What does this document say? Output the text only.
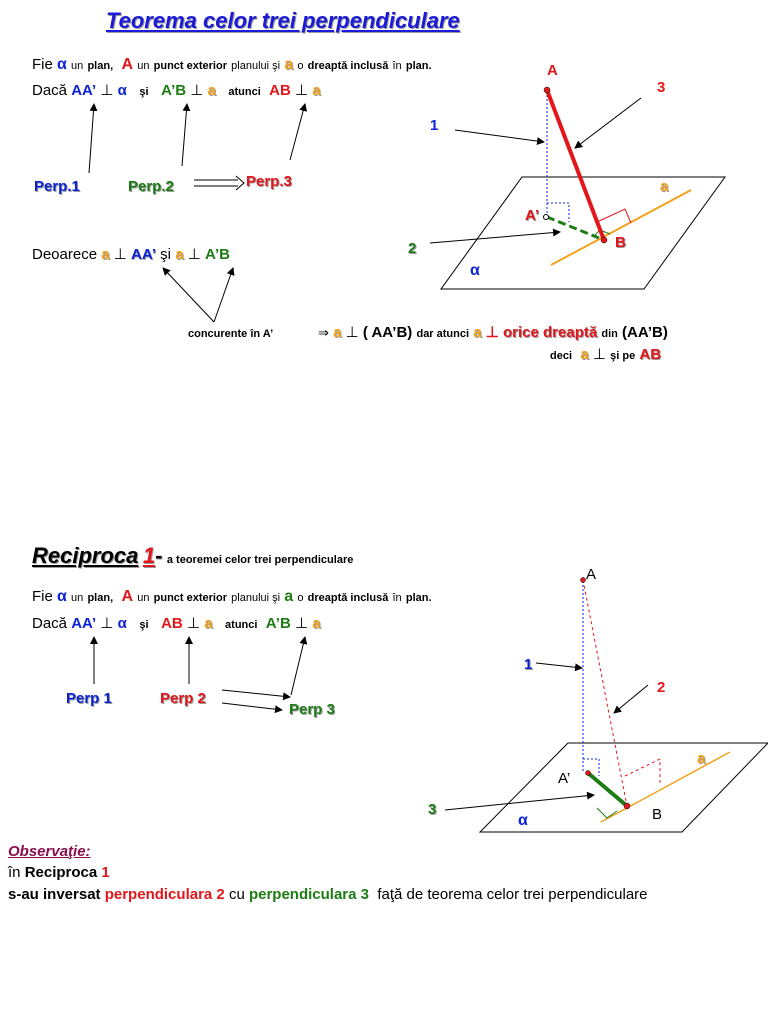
Teorema celor trei perpendiculare
Fie α un plan, A un punct exterior planului şi a o dreaptă inclusă în plan.
Dacă AA’ ⊥ α şi A’B ⊥ a atunci AB ⊥ a
Perp.1	Perp.2	Perp.3
Deoarece a ⊥ AA’ şi a ⊥ A’B
concurente în A’	⇒ a ⊥ ( AA’B) dar atunci a ⊥ orice dreaptă din (AA’B)
deci a ⊥ şi pe AB
A
3
1
2
A’
B
a
α
Reciproca 1- a teoremei celor trei perpendiculare
Fie α un plan, A un punct exterior planului şi a o dreaptă inclusă în plan.
Dacă AA’ ⊥ α şi AB ⊥ a atunci A’B ⊥ a
Perp 1	Perp 2
Perp 3
A
1
2
3
A’
B
a
α
Observaţie:
în Reciproca 1
s-au inversat perpendiculara 2 cu perpendiculara 3 faţă de teorema celor trei perpendiculare
